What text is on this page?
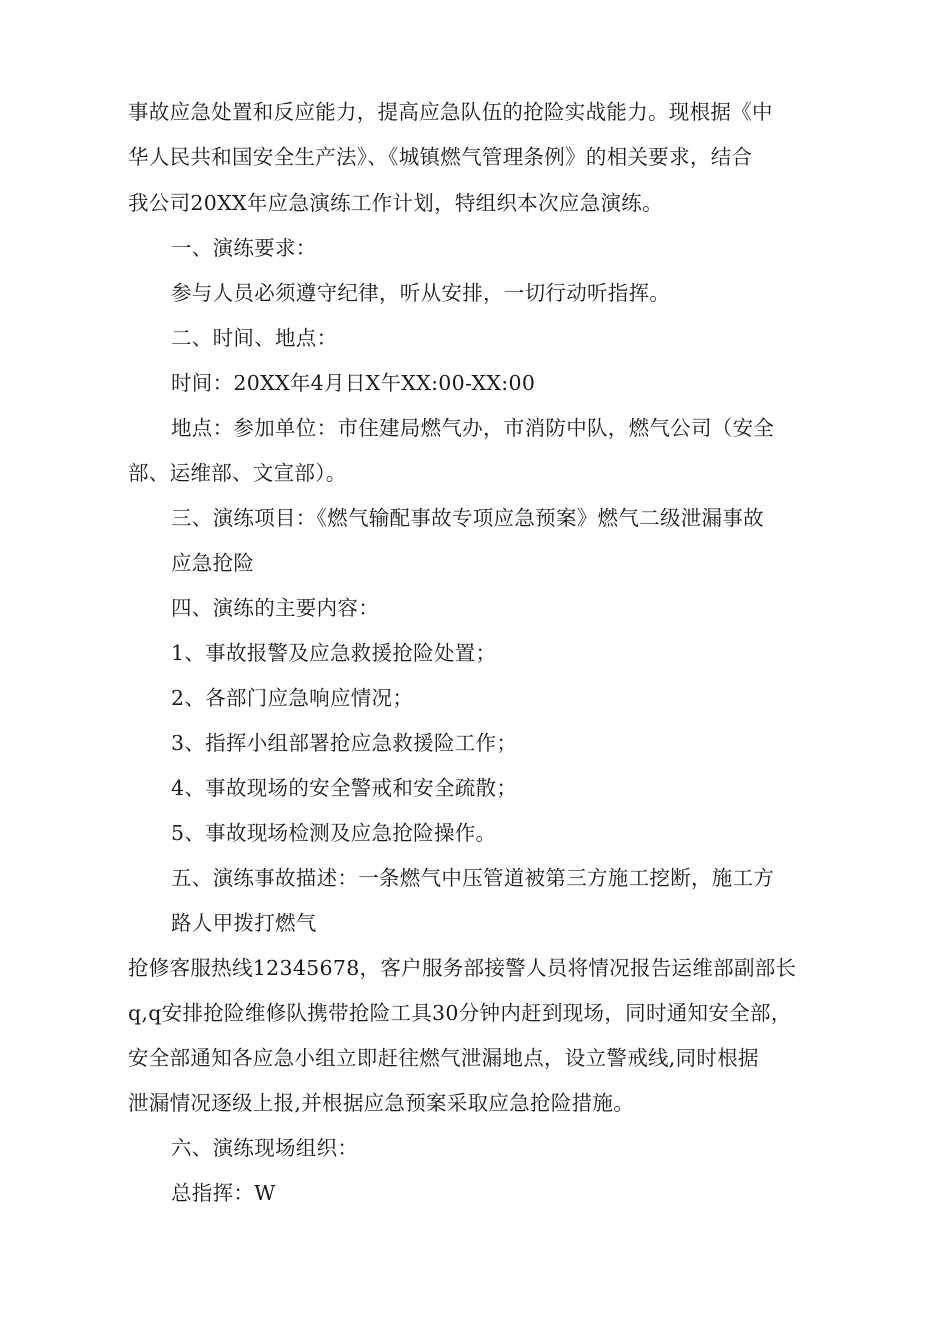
事故应急处置和反应能力，提高应急队伍的抢险实战能力。现根据《中
华人民共和国安全生产法》、《城镇燃气管理条例》的相关要求，结合
我公司20XX年应急演练工作计划，特组织本次应急演练。
一、演练要求：
参与人员必须遵守纪律，听从安排，一切行动听指挥。
二、时间、地点：
时间：20XX年4月日X午XX:00-XX:00
地点：参加单位：市住建局燃气办，市消防中队，燃气公司（安全
部、运维部、文宣部）。
三、演练项目：《燃气输配事故专项应急预案》燃气二级泄漏事故
应急抢险
四、演练的主要内容：
1、事故报警及应急救援抢险处置；
2、各部门应急响应情况；
3、指挥小组部署抢应急救援险工作；
4、事故现场的安全警戒和安全疏散；
5、事故现场检测及应急抢险操作。
五、演练事故描述：一条燃气中压管道被第三方施工挖断，施工方
路人甲拨打燃气
抢修客服热线12345678，客户服务部接警人员将情况报告运维部副部长
q,q安排抢险维修队携带抢险工具30分钟内赶到现场，同时通知安全部，
安全部通知各应急小组立即赶往燃气泄漏地点，设立警戒线,同时根据
泄漏情况逐级上报,并根据应急预案采取应急抢险措施。
六、演练现场组织：
总指挥：W
